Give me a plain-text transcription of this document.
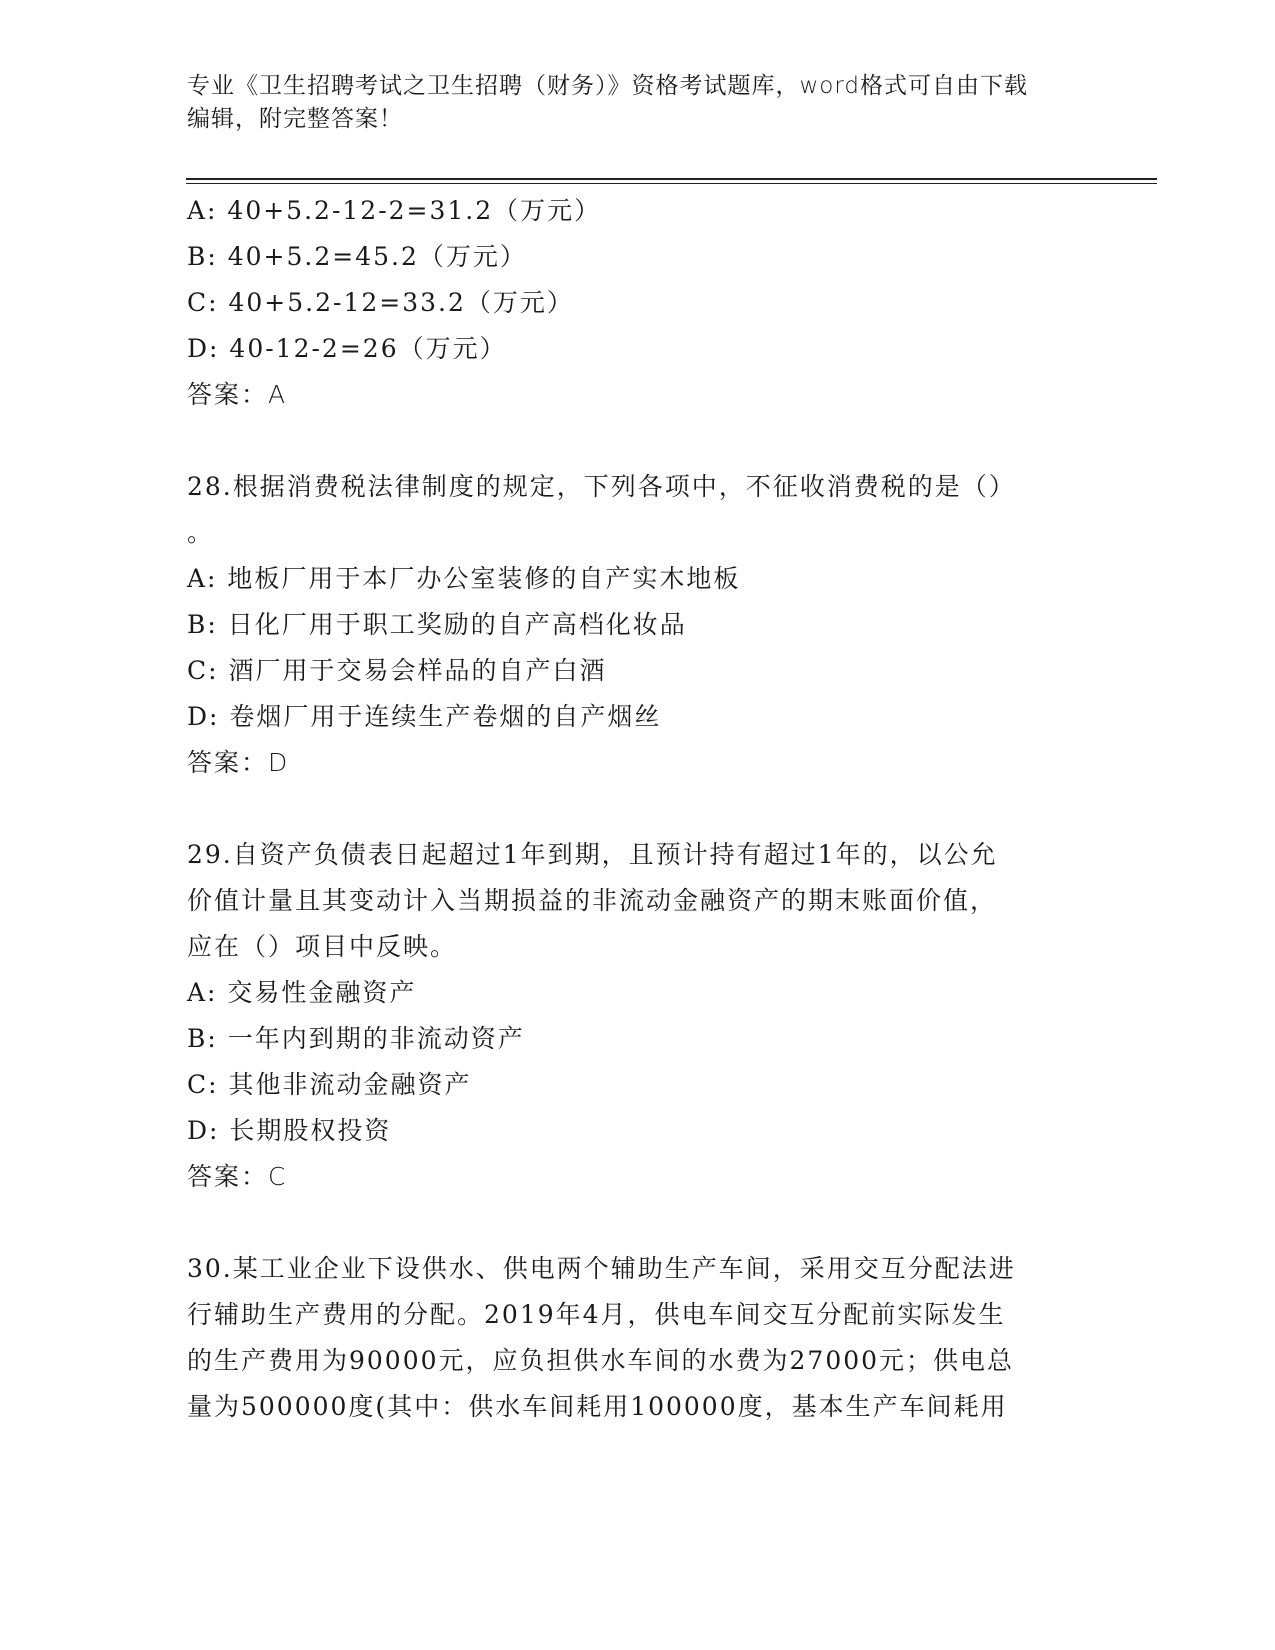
专业《卫生招聘考试之卫生招聘（财务）》资格考试题库，word格式可自由下载
编辑，附完整答案！
A: 40+5.2-12-2=31.2（万元）
B: 40+5.2=45.2（万元）
C: 40+5.2-12=33.2（万元）
D: 40-12-2=26（万元）
答案：A
28.根据消费税法律制度的规定，下列各项中，不征收消费税的是（）
。
A: 地板厂用于本厂办公室装修的自产实木地板
B: 日化厂用于职工奖励的自产高档化妆品
C: 酒厂用于交易会样品的自产白酒
D: 卷烟厂用于连续生产卷烟的自产烟丝
答案：D
29.自资产负债表日起超过1年到期，且预计持有超过1年的，以公允
价值计量且其变动计入当期损益的非流动金融资产的期末账面价值，
应在（）项目中反映。
A: 交易性金融资产
B: 一年内到期的非流动资产
C: 其他非流动金融资产
D: 长期股权投资
答案：C
30.某工业企业下设供水、供电两个辅助生产车间，采用交互分配法进
行辅助生产费用的分配。2019年4月，供电车间交互分配前实际发生
的生产费用为90000元，应负担供水车间的水费为27000元；供电总
量为500000度(其中：供水车间耗用100000度，基本生产车间耗用
